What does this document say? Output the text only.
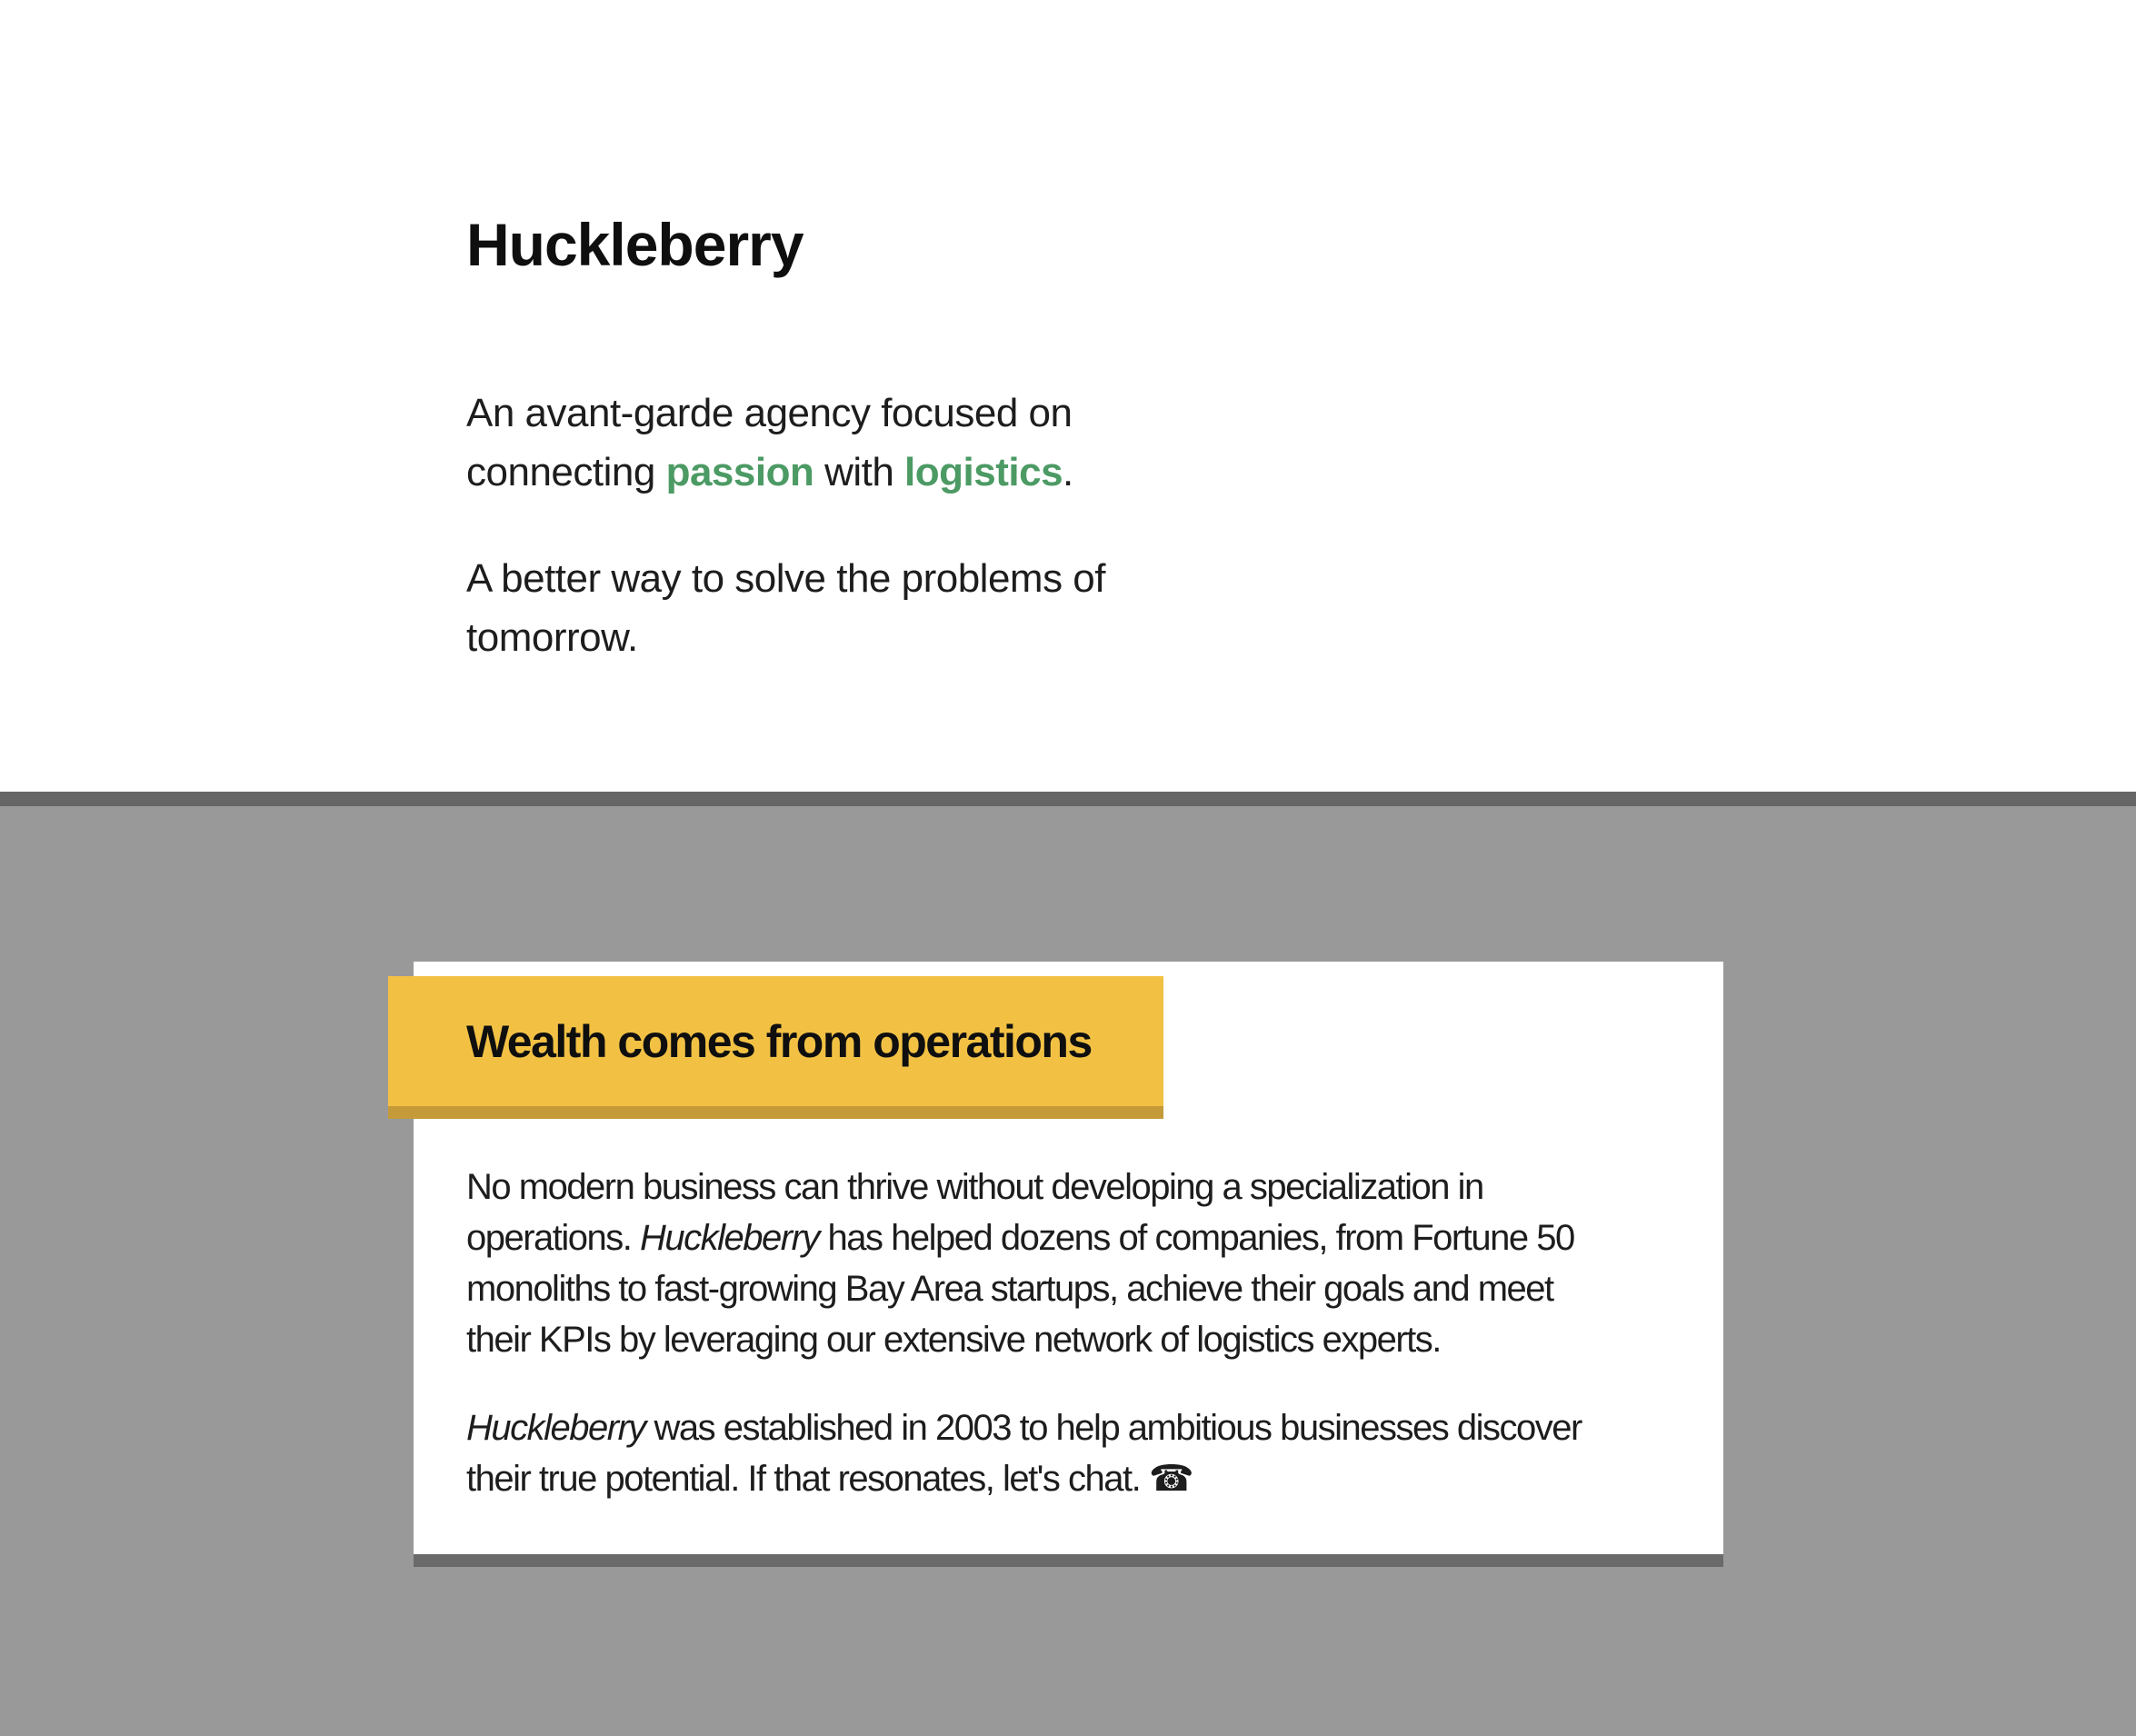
Huckleberry

An avant-garde agency focused on
connecting passion with logistics.

A better way to solve the problems of
tomorrow.

No modern business can thrive without developing a specialization in
operations. Huckleberry has helped dozens of companies, from Fortune 50
monoliths to fast-growing Bay Area startups, achieve their goals and meet
their KPIs by leveraging our extensive network of logistics experts.

Huckleberry was established in 2003 to help ambitious businesses discover
their true potential. If that resonates, let's chat. ☎

Wealth comes from operations
